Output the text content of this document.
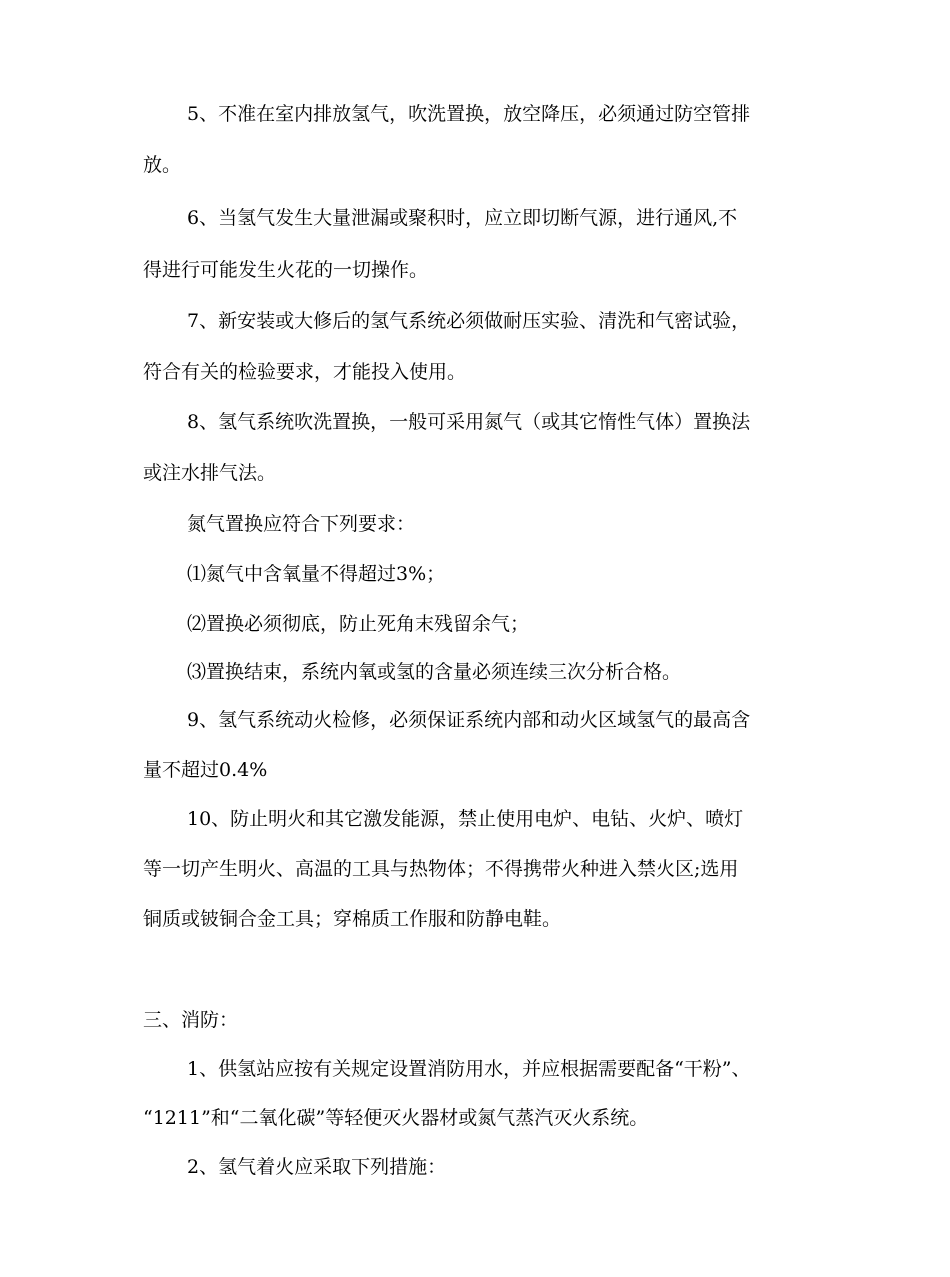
5、不准在室内排放氢气，吹洗置换，放空降压，必须通过防空管排
放。
6、当氢气发生大量泄漏或聚积时，应立即切断气源，进行通风,不
得进行可能发生火花的一切操作。
7、新安装或大修后的氢气系统必须做耐压实验、清洗和气密试验，
符合有关的检验要求，才能投入使用。
8、氢气系统吹洗置换，一般可采用氮气（或其它惰性气体）置换法
或注水排气法。
氮气置换应符合下列要求：
⑴氮气中含氧量不得超过3%；
⑵置换必须彻底，防止死角末残留余气；
⑶置换结束，系统内氧或氢的含量必须连续三次分析合格。
9、氢气系统动火检修，必须保证系统内部和动火区域氢气的最高含
量不超过0.4%
10、防止明火和其它激发能源，禁止使用电炉、电钻、火炉、喷灯
等一切产生明火、高温的工具与热物体；不得携带火种进入禁火区;选用
铜质或铍铜合金工具；穿棉质工作服和防静电鞋。
三、消防：
1、供氢站应按有关规定设置消防用水，并应根据需要配备“干粉”、
“1211”和“二氧化碳”等轻便灭火器材或氮气蒸汽灭火系统。
2、氢气着火应采取下列措施：
